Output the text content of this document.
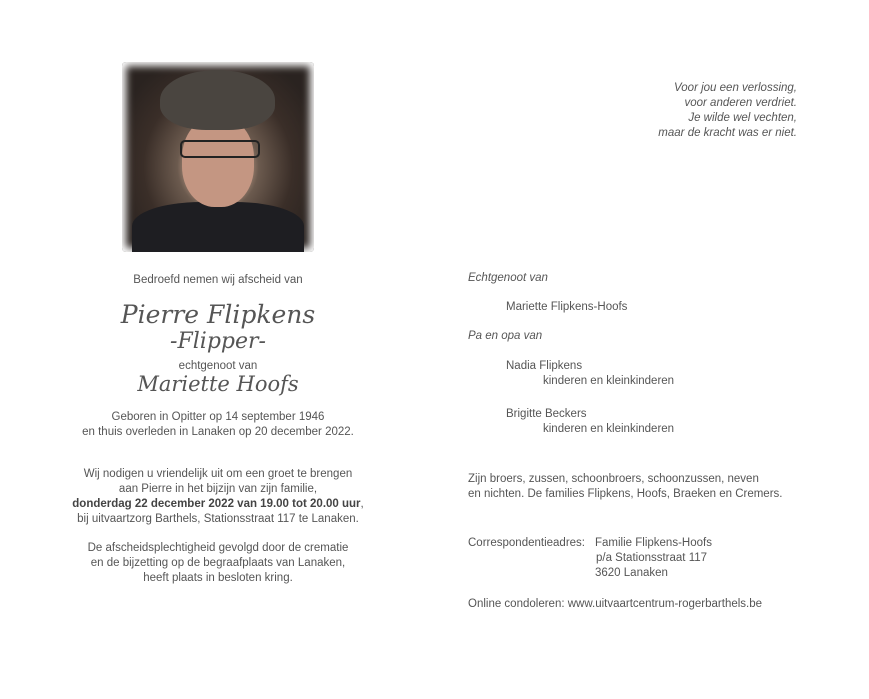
Voor jou een verlossing,
voor anderen verdriet.
Je wilde wel vechten,
maar de kracht was er niet.
Bedroefd nemen wij afscheid van
Pierre Flipkens
-Flipper-
echtgenoot van
Mariette Hoofs
Geboren in Opitter op 14 september 1946
en thuis overleden in Lanaken op 20 december 2022.
Wij nodigen u vriendelijk uit om een groet te brengen
aan Pierre in het bijzijn van zijn familie,
donderdag 22 december 2022 van 19.00 tot 20.00 uur,
bij uitvaartzorg Barthels, Stationsstraat 117 te Lanaken.
De afscheidsplechtigheid gevolgd door de crematie
en de bijzetting op de begraafplaats van Lanaken,
heeft plaats in besloten kring.
Echtgenoot van
Mariette Flipkens-Hoofs
Pa en opa van
Nadia Flipkens
kinderen en kleinkinderen
Brigitte Beckers
kinderen en kleinkinderen
Zijn broers, zussen, schoonbroers, schoonzussen, neven
en nichten. De families Flipkens, Hoofs, Braeken en Cremers.
Correspondentieadres: Familie Flipkens-Hoofs
p/a Stationsstraat 117
3620 Lanaken
Online condoleren: www.uitvaartcentrum-rogerbarthels.be
